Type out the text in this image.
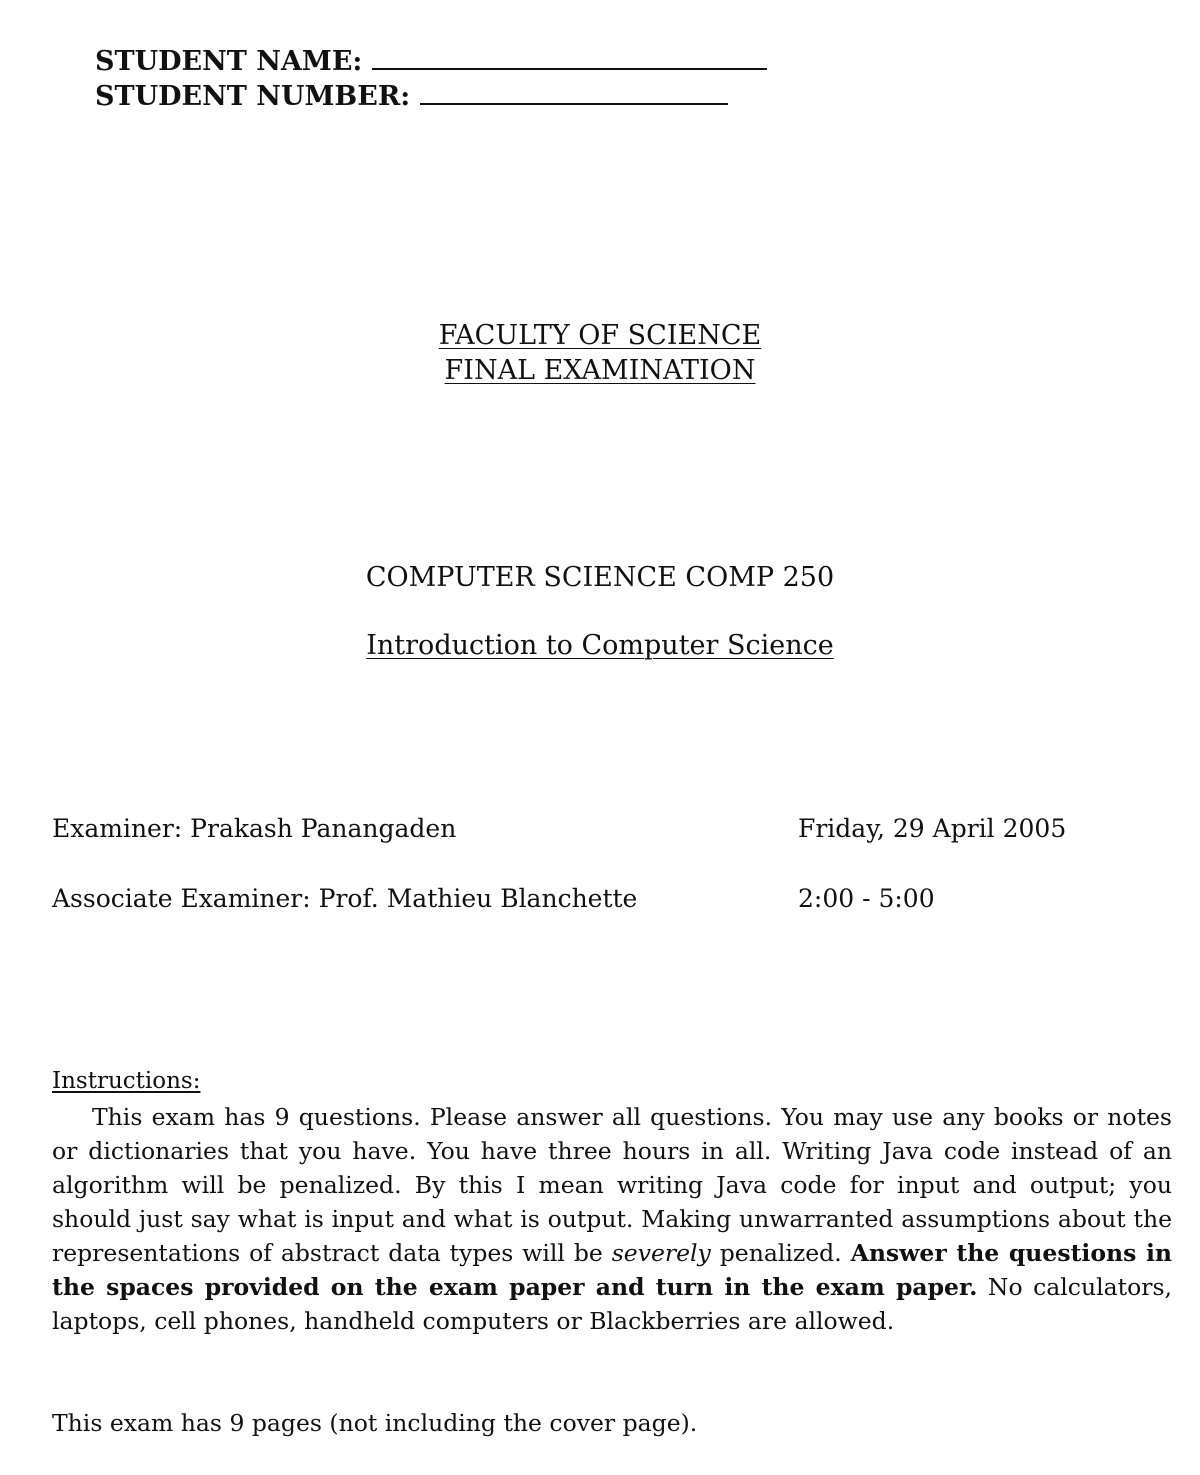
STUDENT NAME:
STUDENT NUMBER:
FACULTY OF SCIENCE
FINAL EXAMINATION
COMPUTER SCIENCE COMP 250
Introduction to Computer Science
Examiner: Prakash Panangaden	Friday, 29 April 2005
Associate Examiner: Prof. Mathieu Blanchette	2:00 - 5:00
Instructions:

This exam has 9 questions. Please answer all questions. You may use any books or notes or dictionaries that you have. You have three hours in all. Writing Java code instead of an algorithm will be penalized. By this I mean writing Java code for input and output; you should just say what is input and what is output. Making unwarranted assumptions about the representations of abstract data types will be severely penalized. Answer the questions in the spaces provided on the exam paper and turn in the exam paper. No calculators, laptops, cell phones, handheld computers or Blackberries are allowed.

This exam has 9 pages (not including the cover page).
